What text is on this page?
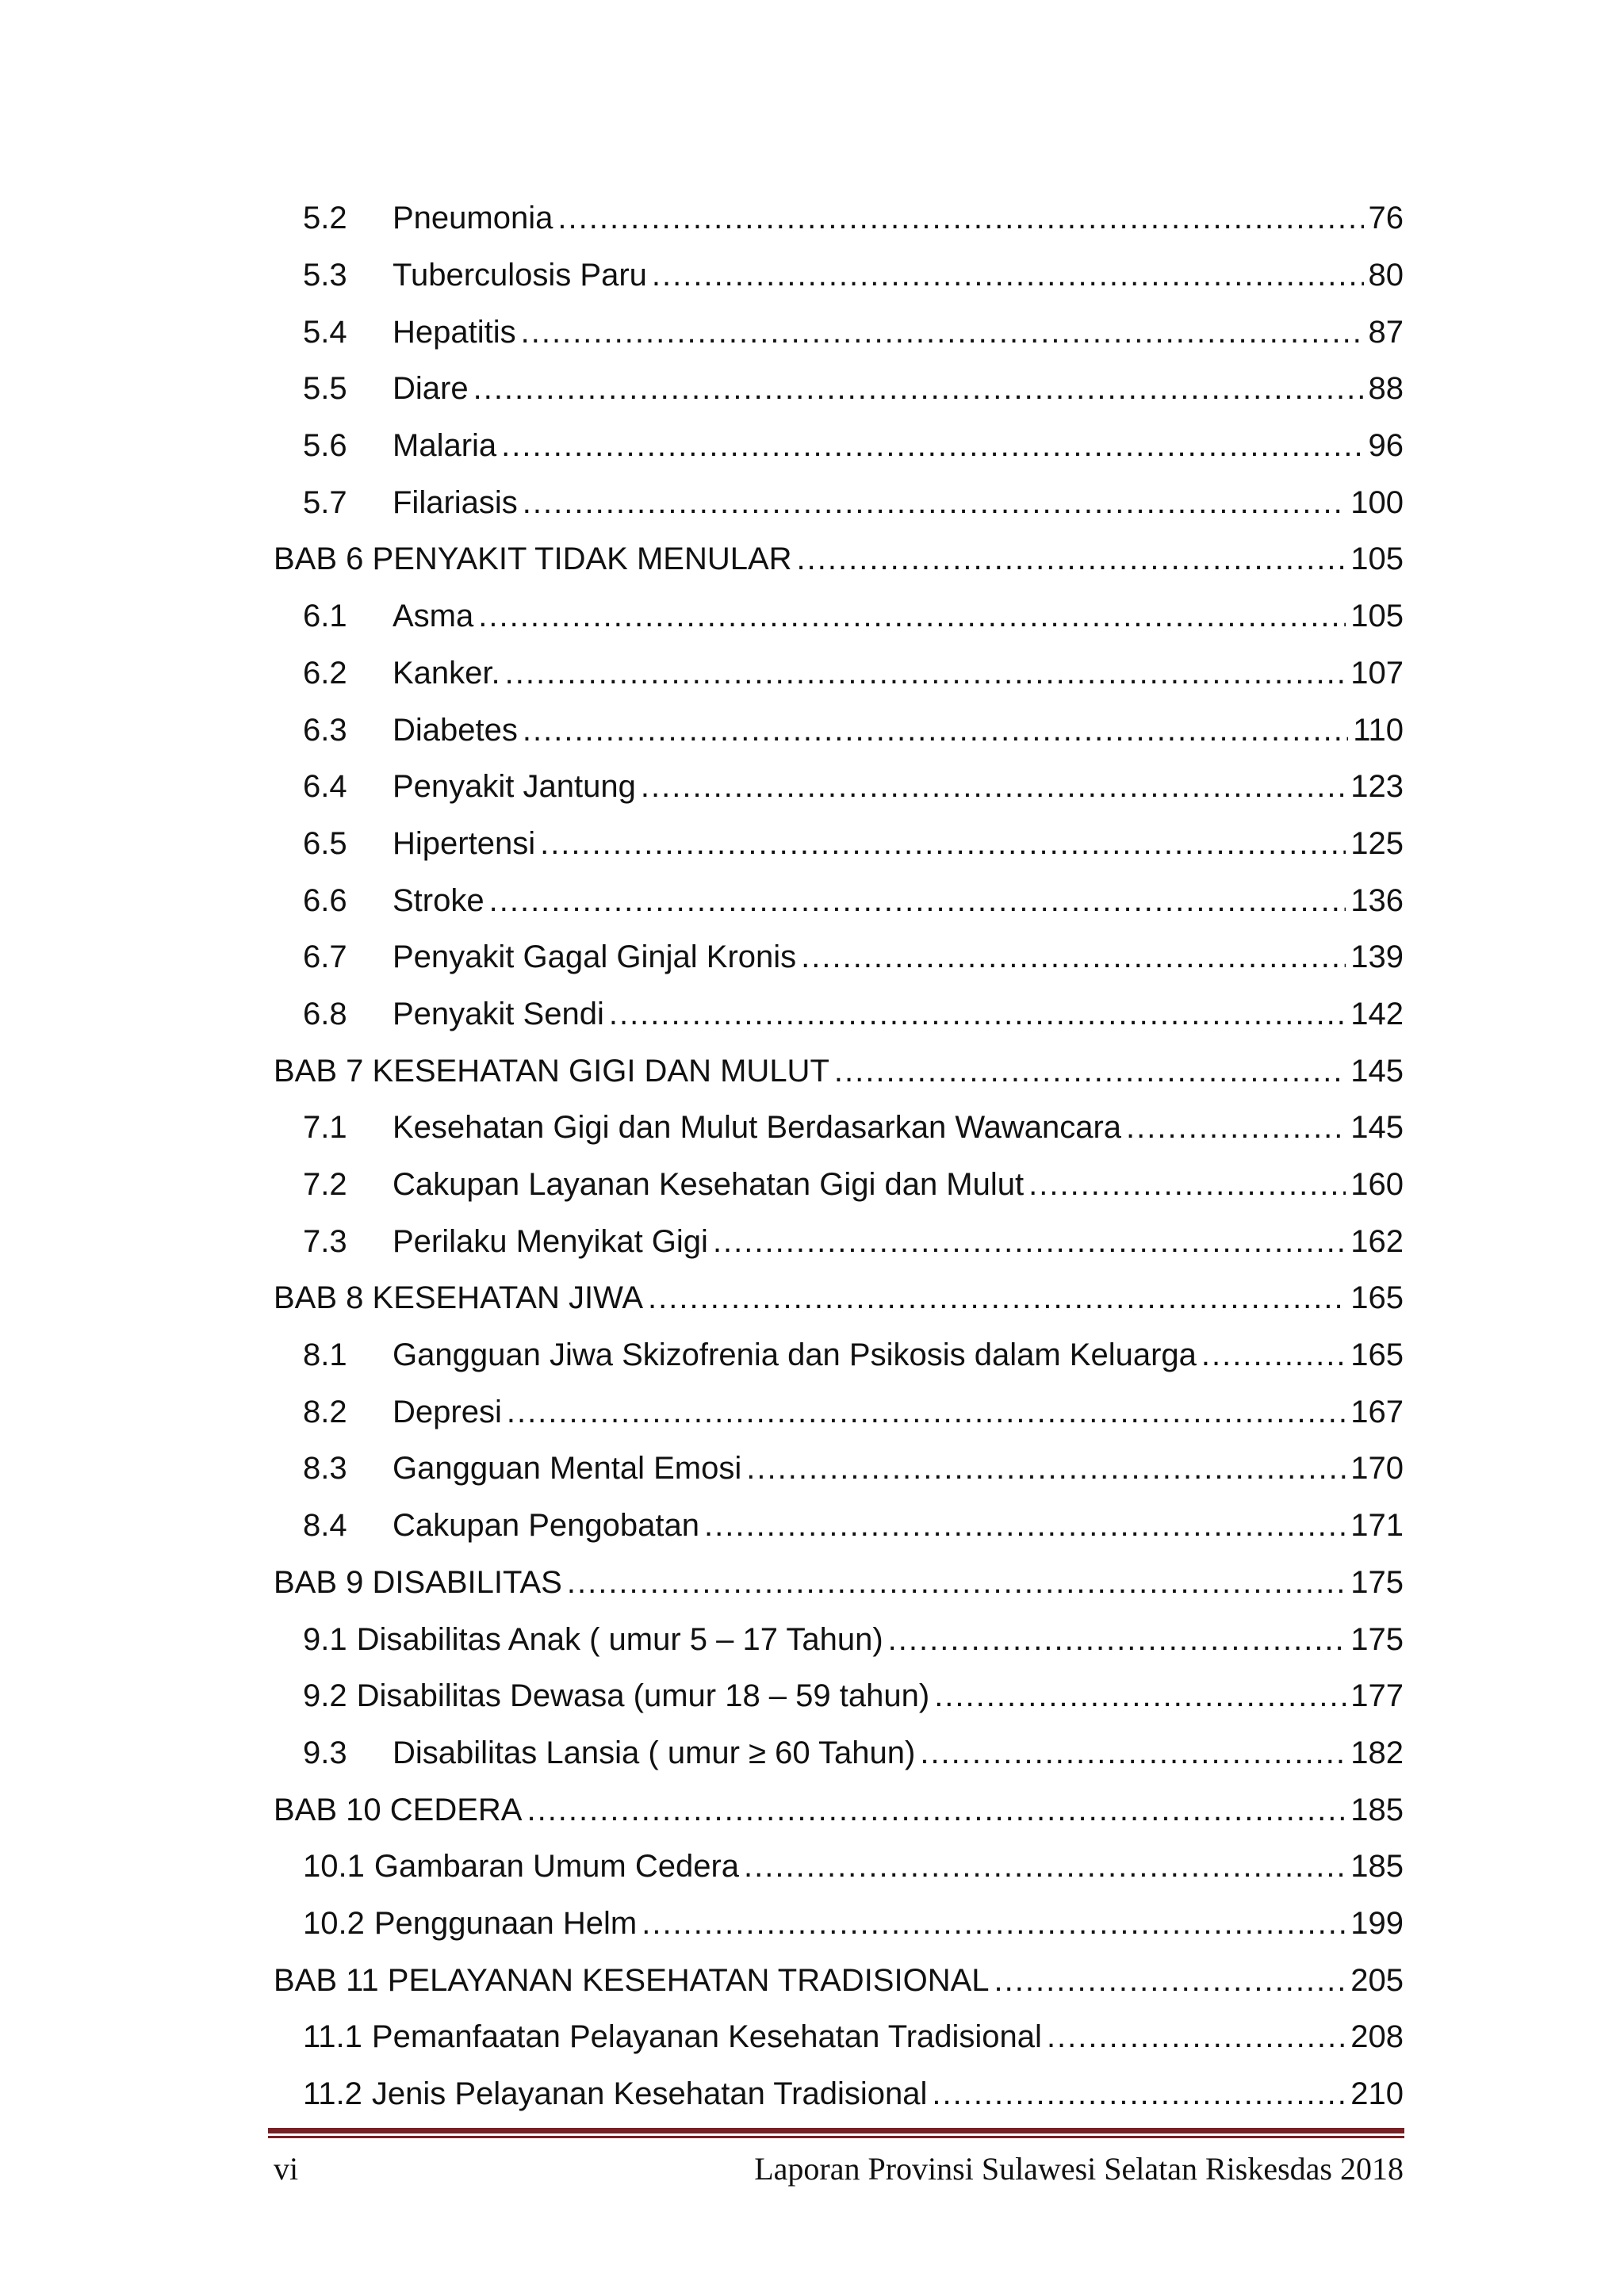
5.2	Pneumonia .....	76
5.3	Tuberculosis Paru .....	80
5.4	Hepatitis .....	87
5.5	Diare .....	88
5.6	Malaria .....	96
5.7	Filariasis .....	100
BAB 6 PENYAKIT TIDAK MENULAR .....	105
6.1	Asma .....	105
6.2	Kanker. .....	107
6.3	Diabetes .....	110
6.4	Penyakit Jantung .....	123
6.5	Hipertensi .....	125
6.6	Stroke .....	136
6.7	Penyakit Gagal Ginjal Kronis .....	139
6.8	Penyakit Sendi .....	142
BAB 7 KESEHATAN GIGI DAN MULUT .....	145
7.1	Kesehatan Gigi dan Mulut Berdasarkan Wawancara .....	145
7.2	Cakupan Layanan Kesehatan Gigi dan Mulut .....	160
7.3	Perilaku Menyikat Gigi .....	162
BAB 8 KESEHATAN JIWA .....	165
8.1	Gangguan Jiwa Skizofrenia dan Psikosis dalam Keluarga .....	165
8.2	Depresi .....	167
8.3	Gangguan Mental Emosi .....	170
8.4	Cakupan Pengobatan .....	171
BAB 9 DISABILITAS .....	175
9.1 Disabilitas Anak ( umur 5 – 17 Tahun) .....	175
9.2 Disabilitas Dewasa (umur 18 – 59 tahun) .....	177
9.3	Disabilitas Lansia ( umur ≥ 60 Tahun) .....	182
BAB 10 CEDERA .....	185
10.1 Gambaran Umum Cedera .....	185
10.2 Penggunaan Helm .....	199
BAB 11 PELAYANAN KESEHATAN TRADISIONAL .....	205
11.1 Pemanfaatan Pelayanan Kesehatan Tradisional .....	208
11.2 Jenis Pelayanan Kesehatan Tradisional .....	210
vi	Laporan Provinsi Sulawesi Selatan Riskesdas 2018
